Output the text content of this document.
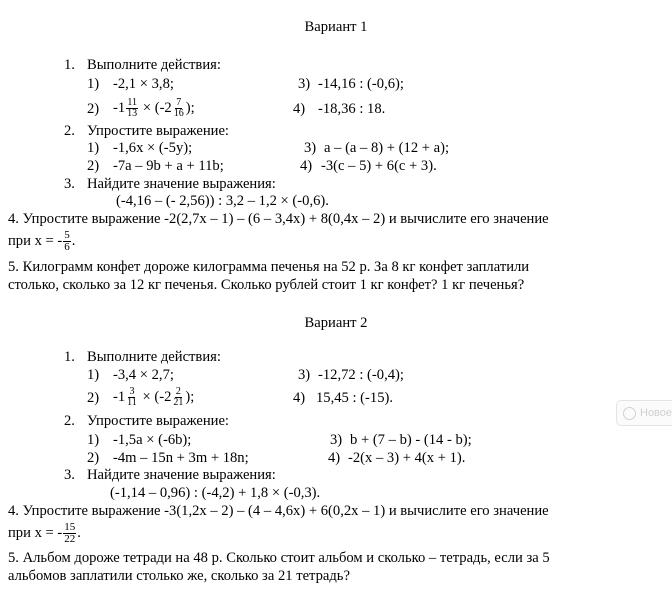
Вариант 1
1. Выполните действия:
1) -2,1 × 3,8;	3) -14,16 : (-0,6);
2) $-1 \frac{11}{13} \times (-2 \frac{7}{16}$ );	4) -18,36 : 18.
2. Упростите выражение:
1) -1,6x × (-5y);	3) a – (a – 8) + (12 + a);
2) -7a – 9b + a + 11b;	4) -3(c – 5) + 6(c + 3).
3. Найдите значение выражения:
(-4,16 – (- 2,56)) : 3,2 – 1,2 × (-0,6).
4. Упростите выражение -2(2,7x – 1) – (6 – 3,4x) + 8(0,4x – 2) и вычислите его значение
при x = - $\frac{5}{6}$ .
5. Килограмм конфет дороже килограмма печенья на 52 р. За 8 кг конфет заплатили
столько, сколько за 12 кг печенья. Сколько рублей стоит 1 кг конфет? 1 кг печенья?
Вариант 2
1. Выполните действия:
1) -3,4 × 2,7;	3) -12,72 : (-0,4);
2) $-1 \frac{3}{11} \times (-2 \frac{2}{21}$ );	4) 15,45 : (-15).
2. Упростите выражение:
1) -1,5a × (-6b);	3) b + (7 – b) - (14 - b);
2) -4m – 15n + 3m + 18n;	4) -2(x – 3) + 4(x + 1).
3. Найдите значение выражения:
(-1,14 – 0,96) : (-4,2) + 1,8 × (-0,3).
4. Упростите выражение -3(1,2x – 2) – (4 – 4,6x) + 6(0,2x – 1) и вычислите его значение
при x = - $\frac{15}{22}$ .
5. Альбом дороже тетради на 48 р. Сколько стоит альбом и сколько – тетрадь, если за 5
альбомов заплатили столько же, сколько за 21 тетрадь?
Новое
